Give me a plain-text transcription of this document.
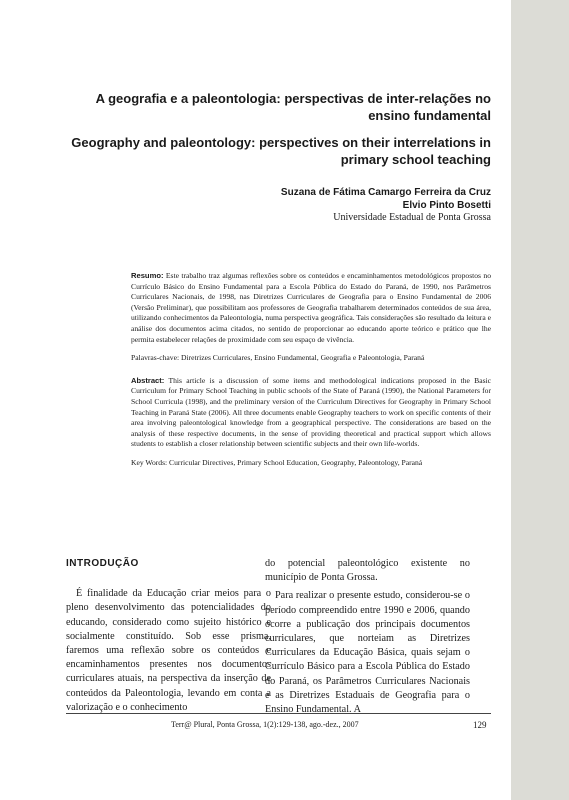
A geografia e a paleontologia: perspectivas de inter-relações no ensino fundamental
Geography and paleontology: perspectives on their interrelations in primary school teaching
Suzana de Fátima Camargo Ferreira da Cruz
Elvio Pinto Bosetti
Universidade Estadual de Ponta Grossa

Resumo: Este trabalho traz algumas reflexões sobre os conteúdos e encaminhamentos metodológicos propostos no Currículo Básico do Ensino Fundamental para a Escola Pública do Estado do Paraná, de 1990, nos Parâmetros Curriculares Nacionais, de 1998, nas Diretrizes Curriculares de Geografia para o Ensino Fundamental de 2006 (Versão Preliminar), que possibilitam aos professores de Geografia trabalharem determinados conteúdos de sua área, utilizando conhecimentos da Paleontologia, numa perspectiva geográfica. Tais considerações são resultado da leitura e análise dos documentos acima citados, no sentido de proporcionar ao educando aporte teórico e prático que lhe permita estabelecer relações de proximidade com seu espaço de vivência.

Palavras-chave: Diretrizes Curriculares, Ensino Fundamental, Geografia e Paleontologia, Paraná

Abstract: This article is a discussion of some items and methodological indications proposed in the Basic Curriculum for Primary School Teaching in public schools of the State of Paraná (1990), the National Parameters for School Curricula (1998), and the preliminary version of the Curriculum Directives for Geography in Primary School Teaching in Paraná State (2006). All three documents enable Geography teachers to work on specific contents of their area involving paleontological knowledge from a geographical perspective. The considerations are based on the analysis of these respective documents, in the sense of providing theoretical and practical support which allows students to establish a closer relationship between scientific subjects and their own life-worlds.

Key Words: Curricular Directives, Primary School Education, Geography, Paleontology, Paraná

INTRODUÇÃO

É finalidade da Educação criar meios para o pleno desenvolvimento das potencialidades do educando, considerado como sujeito histórico e socialmente constituído. Sob esse prisma, faremos uma reflexão sobre os conteúdos e encaminhamentos presentes nos documentos curriculares atuais, na perspectiva da inserção de conteúdos da Paleontologia, levando em conta a valorização e o conhecimento

do potencial paleontológico existente no município de Ponta Grossa.

Para realizar o presente estudo, considerou-se o período compreendido entre 1990 e 2006, quando ocorre a publicação dos principais documentos curriculares, que norteiam as Diretrizes Curriculares da Educação Básica, quais sejam o Currículo Básico para a Escola Pública do Estado do Paraná, os Parâmetros Curriculares Nacionais e as Diretrizes Estaduais de Geografia para o Ensino Fundamental. A

Terr@ Plural, Ponta Grossa, 1(2):129-138, ago.-dez., 2007	129
